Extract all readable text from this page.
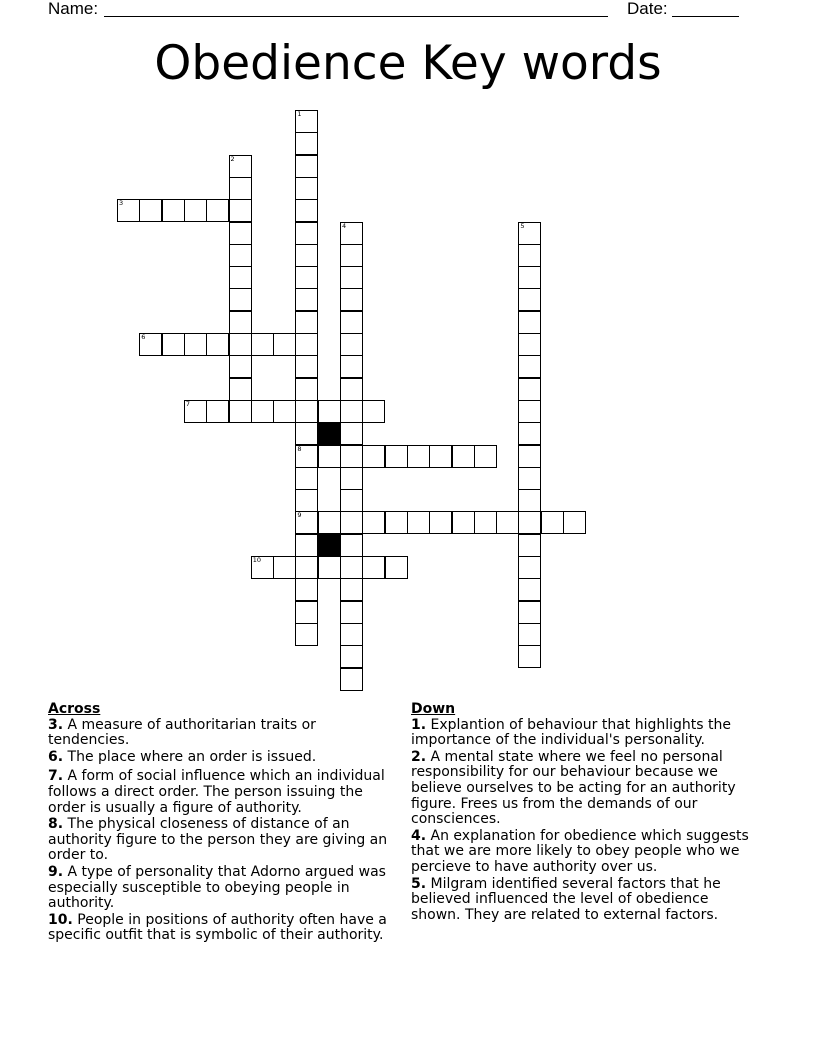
Name:	Date:
Obedience Key words
1
2
3
4	5
6
7
8
9
10
Across
3. A measure of authoritarian traits or tendencies.
6. The place where an order is issued.
7. A form of social influence which an individual follows a direct order. The person issuing the order is usually a figure of authority.
8. The physical closeness of distance of an authority figure to the person they are giving an order to.
9. A type of personality that Adorno argued was especially susceptible to obeying people in authority.
10. People in positions of authority often have a specific outfit that is symbolic of their authority.
Down
1. Explantion of behaviour that highlights the importance of the individual's personality.
2. A mental state where we feel no personal responsibility for our behaviour because we believe ourselves to be acting for an authority figure. Frees us from the demands of our consciences.
4. An explanation for obedience which suggests that we are more likely to obey people who we percieve to have authority over us.
5. Milgram identified several factors that he believed influenced the level of obedience shown. They are related to external factors.
